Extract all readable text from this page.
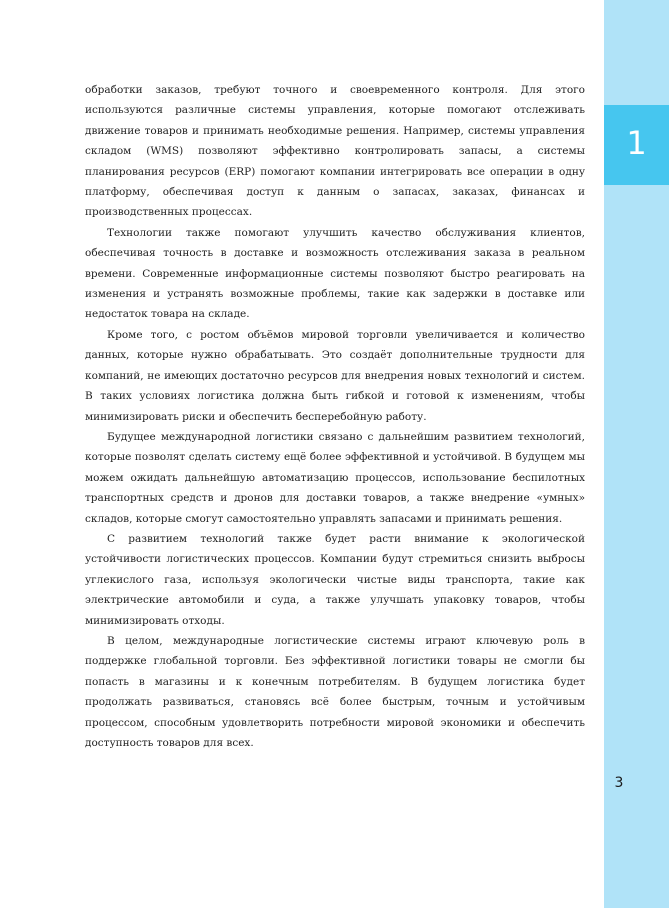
1
3

обработки заказов, требуют точного и своевременного контроля. Для этого используются различные системы управления, которые помогают отслеживать движение товаров и принимать необходимые решения. Например, системы управления складом (WMS) позволяют эффективно контролировать запасы, а системы планирования ресурсов (ERP) помогают компании интегрировать все операции в одну платформу, обеспечивая доступ к данным о запасах, заказах, финансах и производственных процессах.

Технологии также помогают улучшить качество обслуживания клиентов, обеспечивая точность в доставке и возможность отслеживания заказа в реальном времени. Современные информационные системы позволяют быстро реагировать на изменения и устранять возможные проблемы, такие как задержки в доставке или недостаток товара на складе.

Кроме того, с ростом объёмов мировой торговли увеличивается и количество данных, которые нужно обрабатывать. Это создаёт дополнительные трудности для компаний, не имеющих достаточно ресурсов для внедрения новых технологий и систем. В таких условиях логистика должна быть гибкой и готовой к изменениям, чтобы минимизировать риски и обеспечить бесперебойную работу.

Будущее международной логистики связано с дальнейшим развитием технологий, которые позволят сделать систему ещё более эффективной и устойчивой. В будущем мы можем ожидать дальнейшую автоматизацию процессов, использование беспилотных транспортных средств и дронов для доставки товаров, а также внедрение «умных» складов, которые смогут самостоятельно управлять запасами и принимать решения.

С развитием технологий также будет расти внимание к экологической устойчивости логистических процессов. Компании будут стремиться снизить выбросы углекислого газа, используя экологически чистые виды транспорта, такие как электрические автомобили и суда, а также улучшать упаковку товаров, чтобы минимизировать отходы.

В целом, международные логистические системы играют ключевую роль в поддержке глобальной торговли. Без эффективной логистики товары не смогли бы попасть в магазины и к конечным потребителям. В будущем логистика будет продолжать развиваться, становясь всё более быстрым, точным и устойчивым процессом, способным удовлетворить потребности мировой экономики и обеспечить доступность товаров для всех.
